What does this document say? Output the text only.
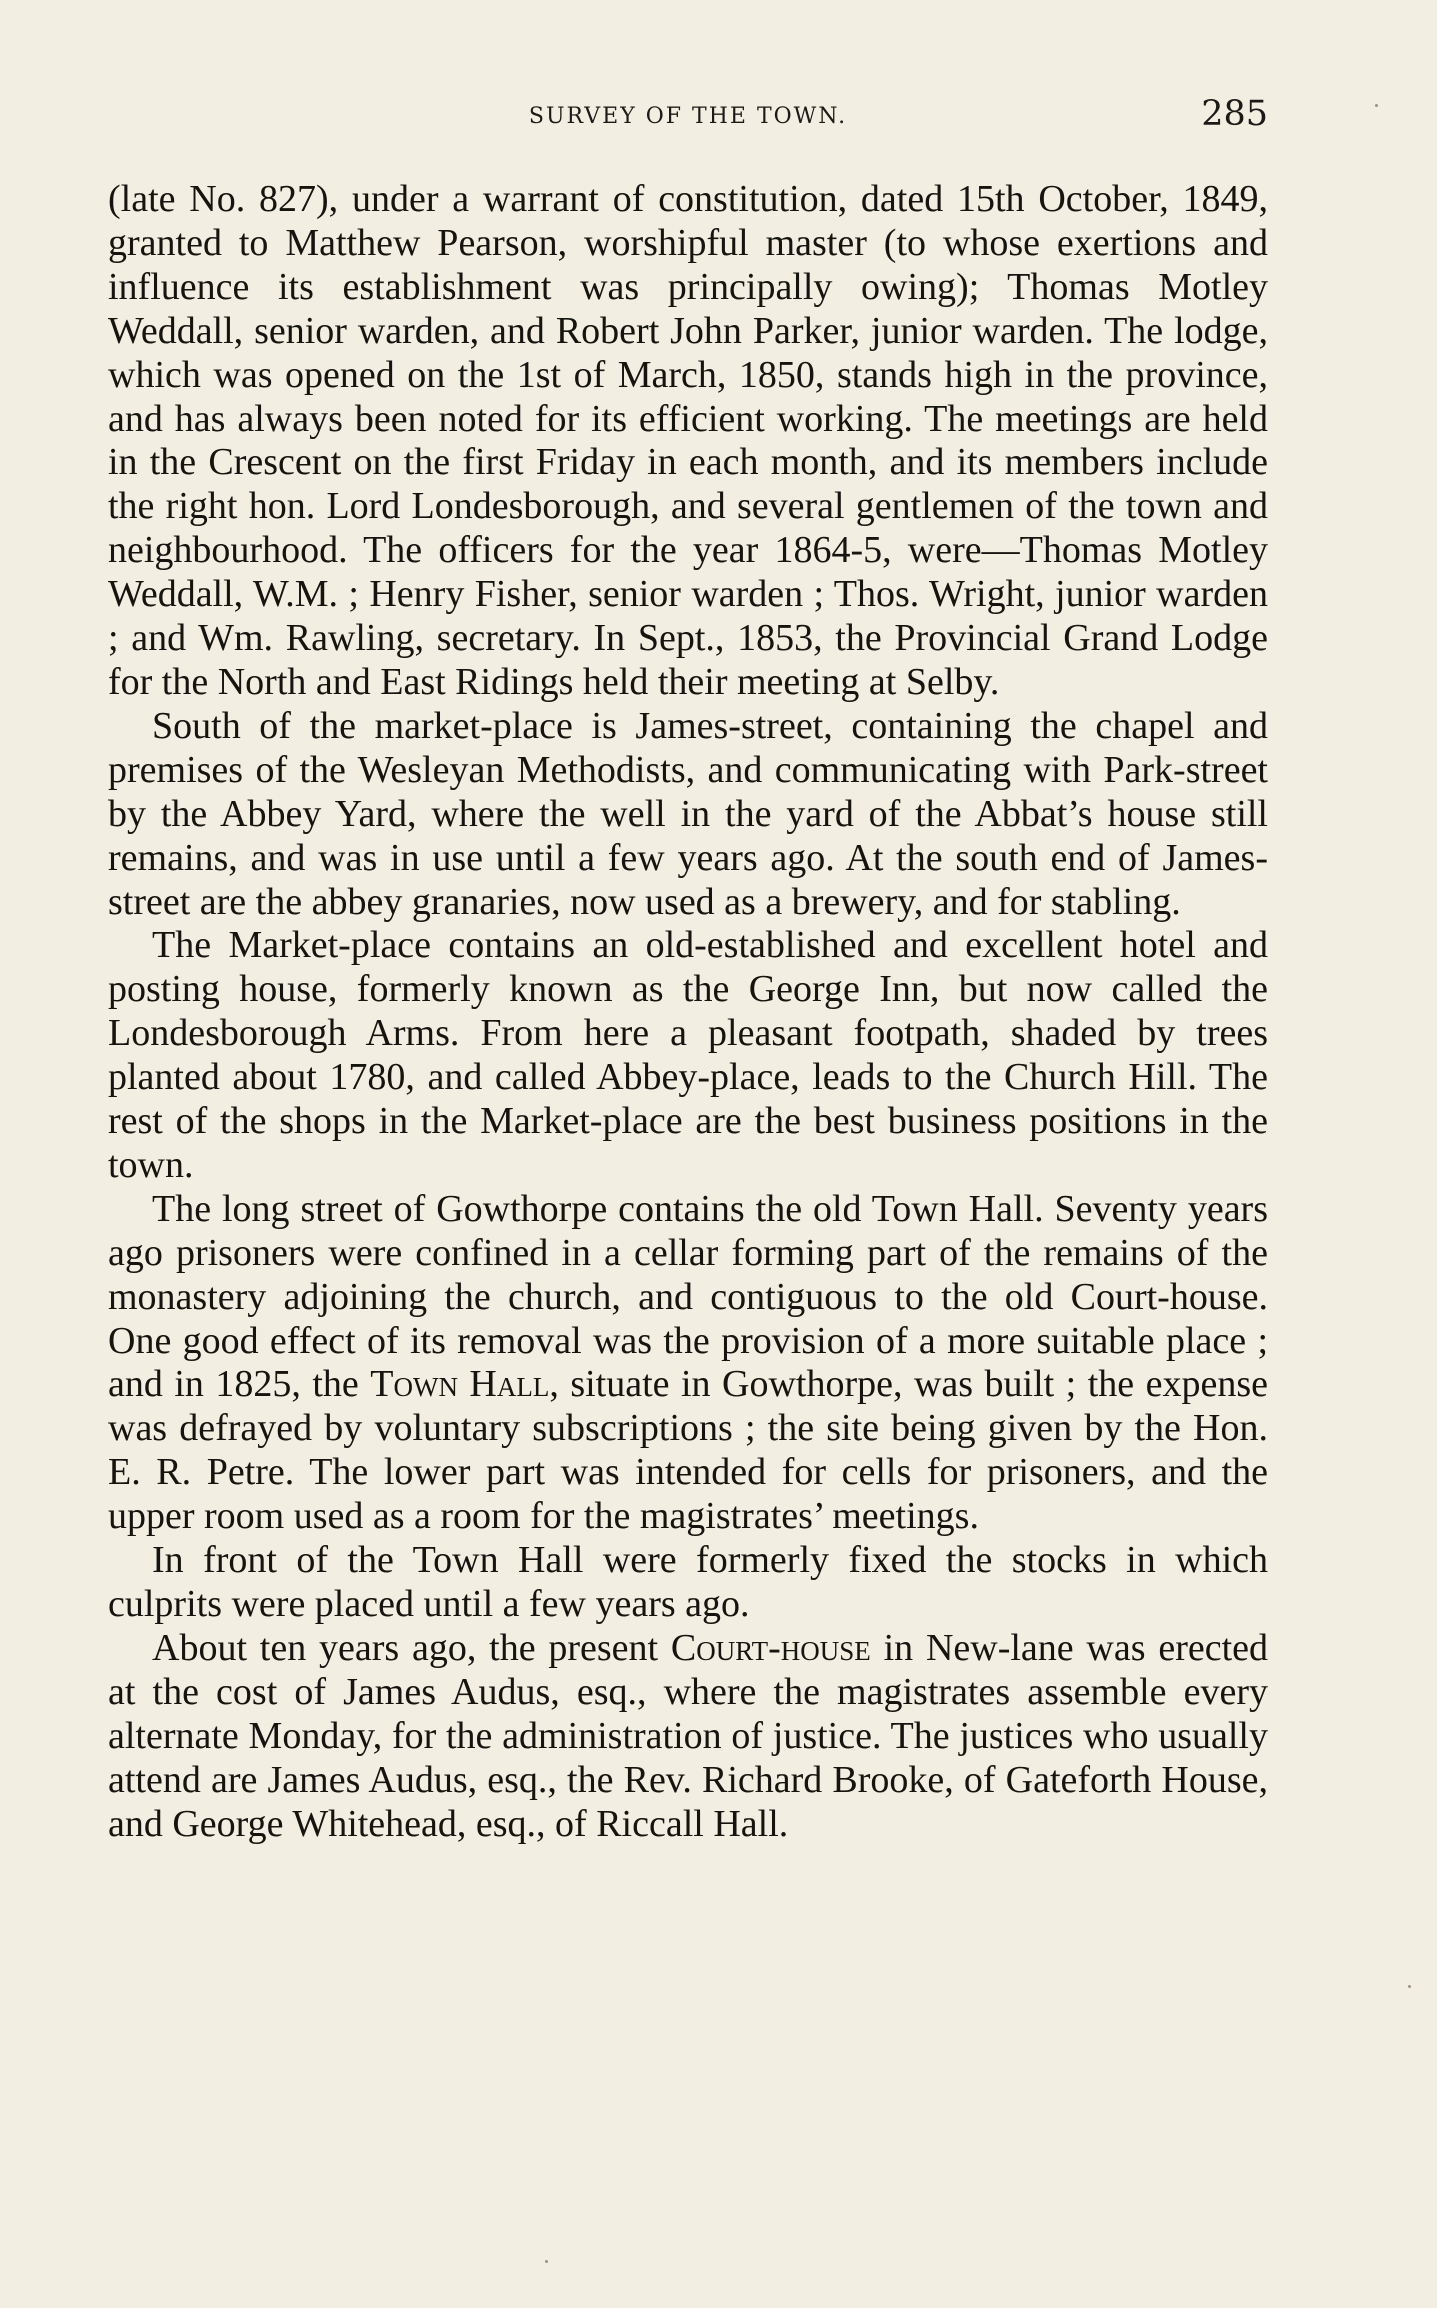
SURVEY OF THE TOWN.	285

(late No. 827), under a warrant of constitution, dated 15th October, 1849, granted to Matthew Pearson, worshipful master (to whose exertions and influence its establishment was principally owing); Thomas Motley Weddall, senior warden, and Robert John Parker, junior warden. The lodge, which was opened on the 1st of March, 1850, stands high in the province, and has always been noted for its efficient working. The meetings are held in the Crescent on the first Friday in each month, and its members include the right hon. Lord Londesborough, and several gentlemen of the town and neighbourhood. The officers for the year 1864-5, were—Thomas Motley Weddall, W.M. ; Henry Fisher, senior warden ; Thos. Wright, junior warden ; and Wm. Rawling, secretary. In Sept., 1853, the Provincial Grand Lodge for the North and East Ridings held their meeting at Selby.

South of the market-place is James-street, containing the chapel and premises of the Wesleyan Methodists, and communicating with Park-street by the Abbey Yard, where the well in the yard of the Abbat’s house still remains, and was in use until a few years ago. At the south end of James-street are the abbey granaries, now used as a brewery, and for stabling.

The Market-place contains an old-established and excellent hotel and posting house, formerly known as the George Inn, but now called the Londesborough Arms. From here a pleasant footpath, shaded by trees planted about 1780, and called Abbey-place, leads to the Church Hill. The rest of the shops in the Market-place are the best business positions in the town.

The long street of Gowthorpe contains the old Town Hall. Seventy years ago prisoners were confined in a cellar forming part of the remains of the monastery adjoining the church, and contiguous to the old Court-house. One good effect of its removal was the provision of a more suitable place ; and in 1825, the Town Hall, situate in Gowthorpe, was built ; the expense was defrayed by voluntary subscriptions ; the site being given by the Hon. E. R. Petre. The lower part was intended for cells for prisoners, and the upper room used as a room for the magistrates’ meetings.

In front of the Town Hall were formerly fixed the stocks in which culprits were placed until a few years ago.

About ten years ago, the present Court-house in New-lane was erected at the cost of James Audus, esq., where the magistrates assemble every alternate Monday, for the administration of justice. The justices who usually attend are James Audus, esq., the Rev. Richard Brooke, of Gateforth House, and George Whitehead, esq., of Riccall Hall.
